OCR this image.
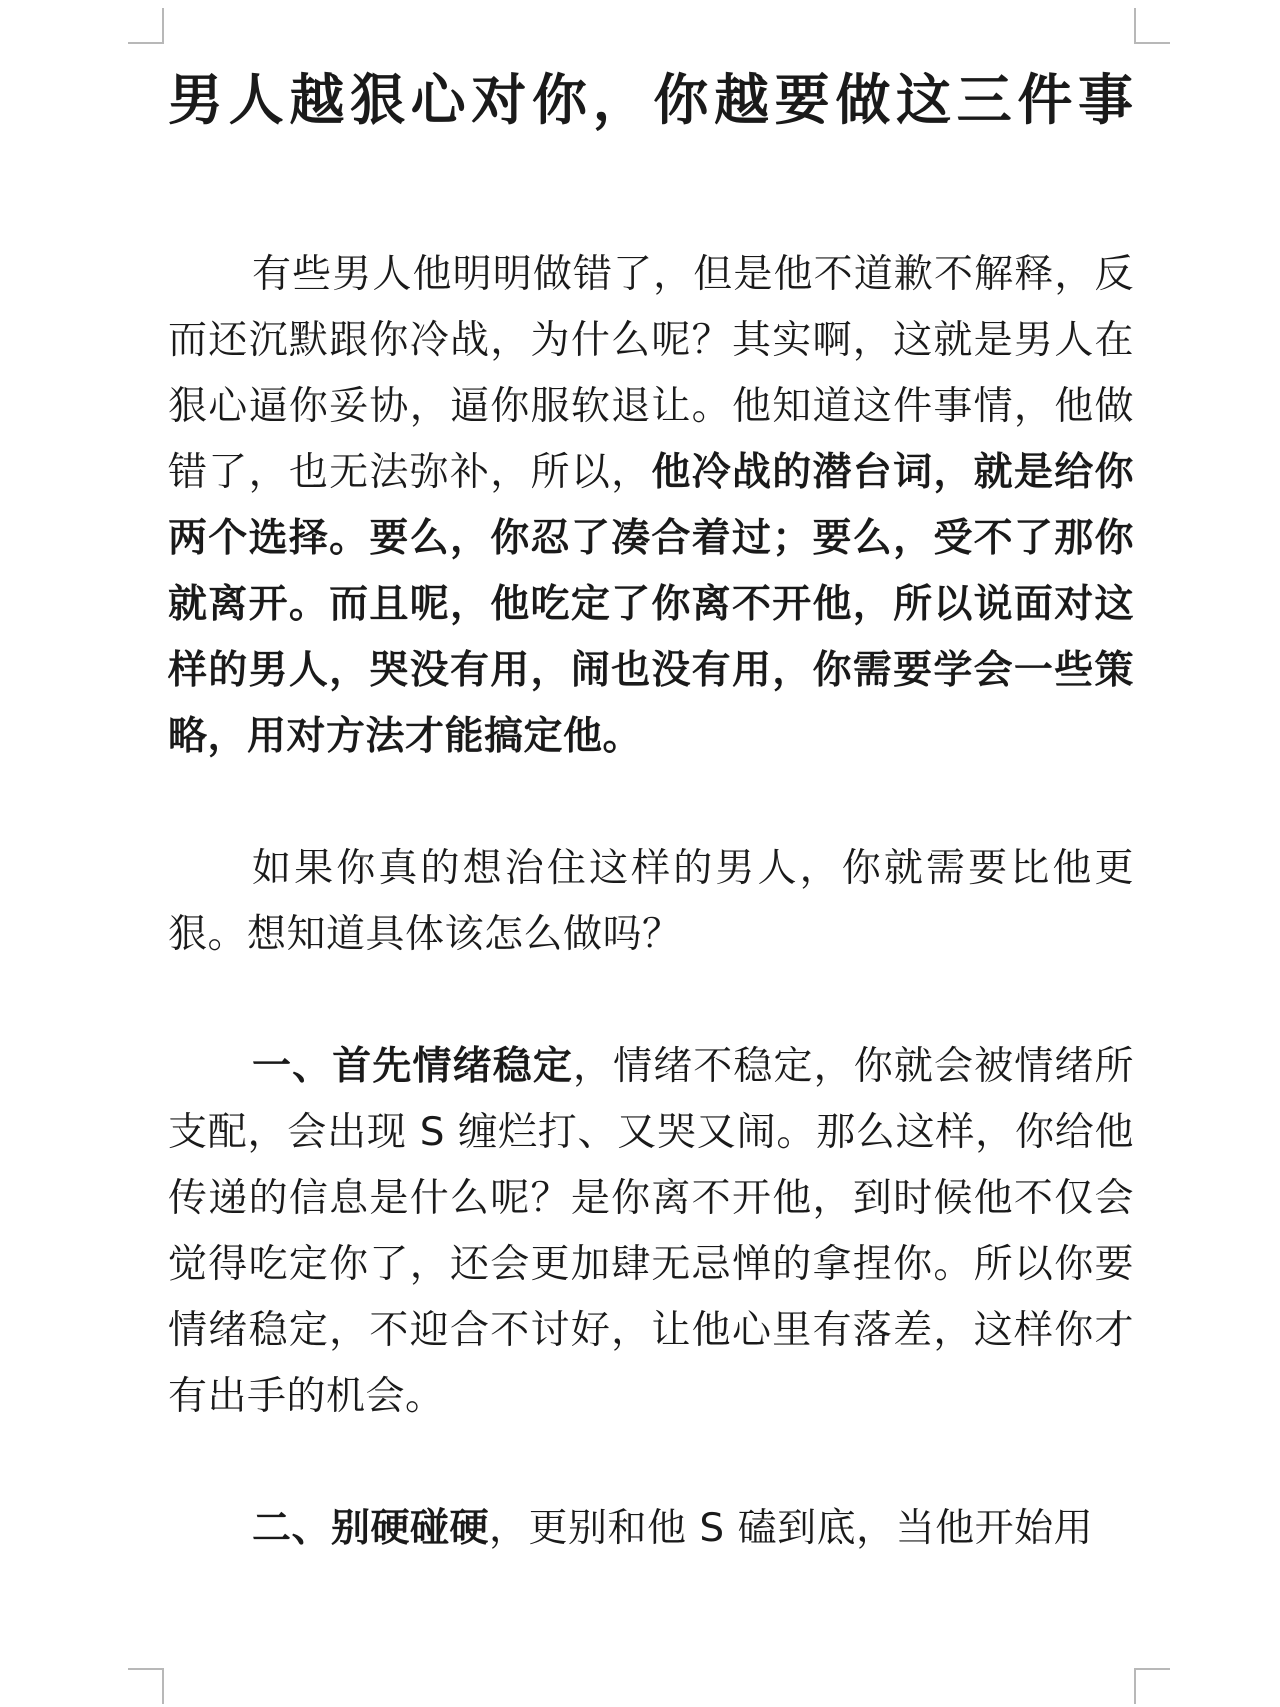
男人越狠心对你，你越要做这三件事

有些男人他明明做错了，但是他不道歉不解释，反而还沉默跟你冷战，为什么呢？其实啊，这就是男人在狠心逼你妥协，逼你服软退让。他知道这件事情，他做错了，也无法弥补，所以，他冷战的潜台词，就是给你两个选择。要么，你忍了凑合着过；要么，受不了那你就离开。而且呢，他吃定了你离不开他，所以说面对这样的男人，哭没有用，闹也没有用，你需要学会一些策略，用对方法才能搞定他。

如果你真的想治住这样的男人，你就需要比他更狠。想知道具体该怎么做吗？

一、首先情绪稳定，情绪不稳定，你就会被情绪所支配，会出现 S 缠烂打、又哭又闹。那么这样，你给他传递的信息是什么呢？是你离不开他，到时候他不仅会觉得吃定你了，还会更加肆无忌惮的拿捏你。所以你要情绪稳定，不迎合不讨好，让他心里有落差，这样你才有出手的机会。

二、别硬碰硬，更别和他 S 磕到底，当他开始用
